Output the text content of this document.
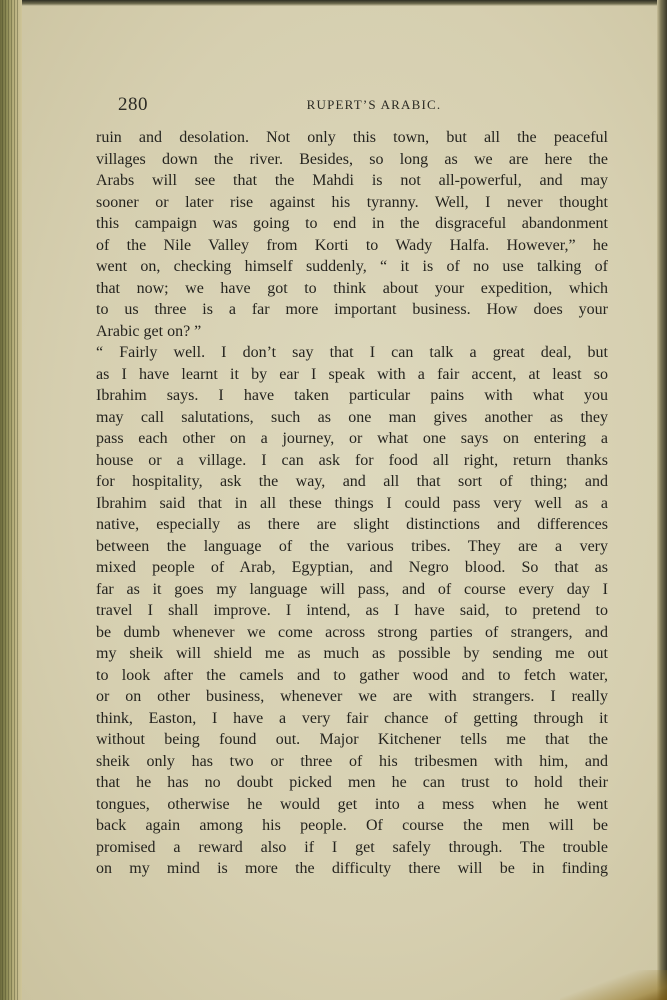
280	RUPERT’S ARABIC.
ruin and desolation. Not only this town, but all the peaceful
villages down the river. Besides, so long as we are here the
Arabs will see that the Mahdi is not all-powerful, and may
sooner or later rise against his tyranny. Well, I never thought
this campaign was going to end in the disgraceful abandonment
of the Nile Valley from Korti to Wady Halfa. However,” he
went on, checking himself suddenly, “ it is of no use talking of
that now; we have got to think about your expedition, which
to us three is a far more important business. How does your
Arabic get on? ”
“ Fairly well. I don’t say that I can talk a great deal, but
as I have learnt it by ear I speak with a fair accent, at least so
Ibrahim says. I have taken particular pains with what you
may call salutations, such as one man gives another as they
pass each other on a journey, or what one says on entering a
house or a village. I can ask for food all right, return thanks
for hospitality, ask the way, and all that sort of thing; and
Ibrahim said that in all these things I could pass very well as a
native, especially as there are slight distinctions and differences
between the language of the various tribes. They are a very
mixed people of Arab, Egyptian, and Negro blood. So that as
far as it goes my language will pass, and of course every day I
travel I shall improve. I intend, as I have said, to pretend to
be dumb whenever we come across strong parties of strangers, and
my sheik will shield me as much as possible by sending me out
to look after the camels and to gather wood and to fetch water,
or on other business, whenever we are with strangers. I really
think, Easton, I have a very fair chance of getting through it
without being found out. Major Kitchener tells me that the
sheik only has two or three of his tribesmen with him, and
that he has no doubt picked men he can trust to hold their
tongues, otherwise he would get into a mess when he went
back again among his people. Of course the men will be
promised a reward also if I get safely through. The trouble
on my mind is more the difficulty there will be in finding
